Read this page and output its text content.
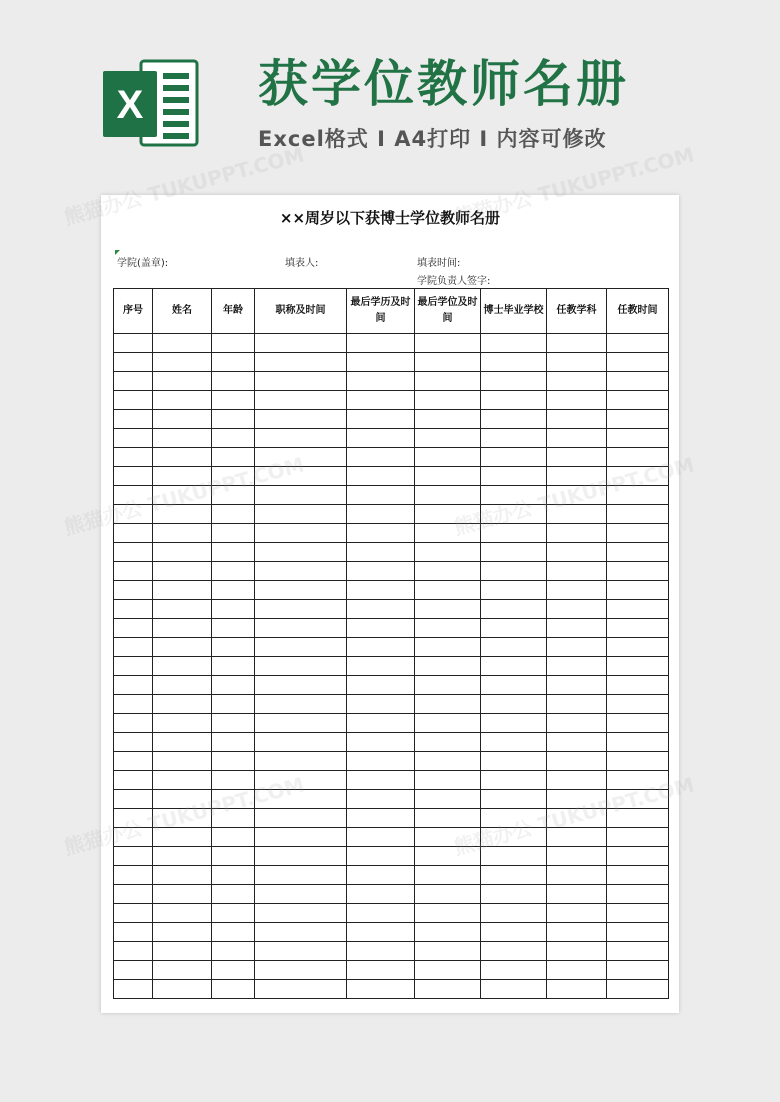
X 获学位教师名册
Excel格式 I A4打印 I 内容可修改
××周岁以下获博士学位教师名册
学院(盖章):	填表人:	填表时间:
学院负责人签字:
序号	姓名	年龄	职称及时间	最后学历及时间	最后学位及时间	博士毕业学校	任教学科	任教时间

熊猫办公 TUKUPPT.COM	熊猫办公 TUKUPPT.COM
